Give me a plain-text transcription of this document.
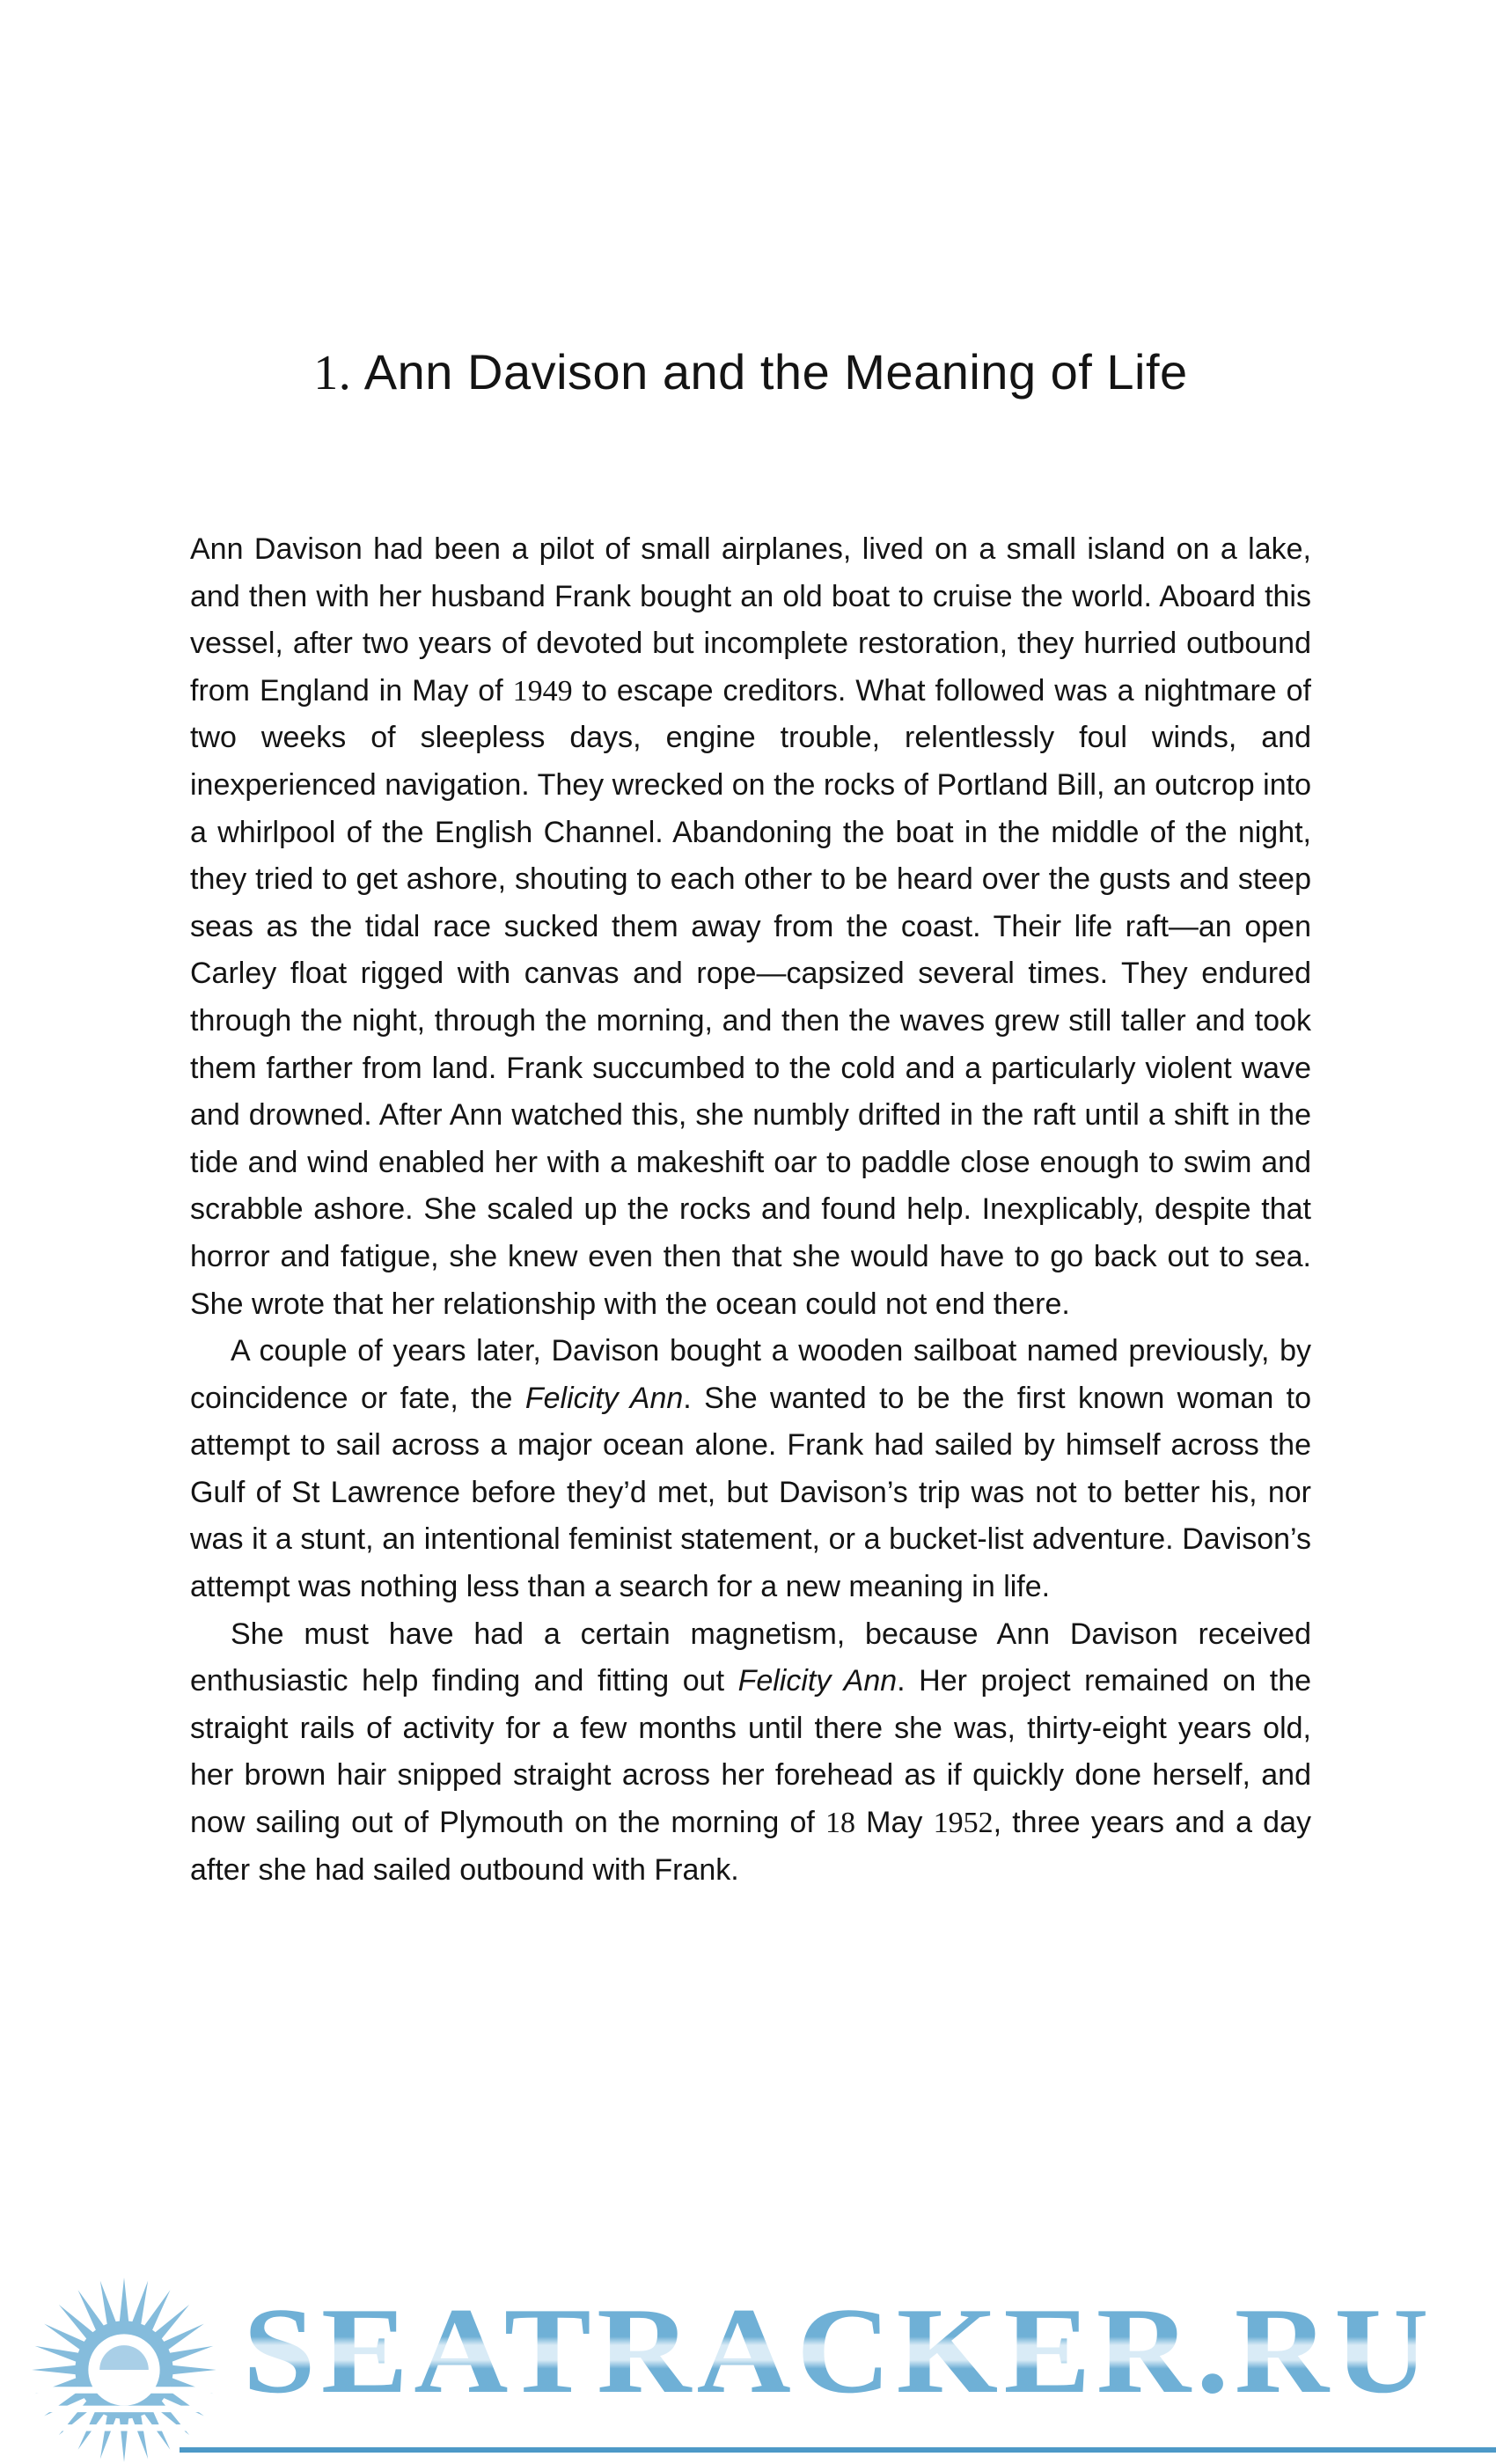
1. Ann Davison and the Meaning of Life

Ann Davison had been a pilot of small airplanes, lived on a small island on a lake, and then with her husband Frank bought an old boat to cruise the world. Aboard this vessel, after two years of devoted but incomplete restoration, they hurried outbound from England in May of 1949 to escape creditors. What followed was a nightmare of two weeks of sleepless days, engine trouble, relentlessly foul winds, and inexperienced navigation. They wrecked on the rocks of Portland Bill, an outcrop into a whirlpool of the English Channel. Abandoning the boat in the middle of the night, they tried to get ashore, shouting to each other to be heard over the gusts and steep seas as the tidal race sucked them away from the coast. Their life raft—an open Carley float rigged with canvas and rope—capsized several times. They endured through the night, through the morning, and then the waves grew still taller and took them farther from land. Frank succumbed to the cold and a particularly violent wave and drowned. After Ann watched this, she numbly drifted in the raft until a shift in the tide and wind enabled her with a makeshift oar to paddle close enough to swim and scrabble ashore. She scaled up the rocks and found help. Inexplicably, despite that horror and fatigue, she knew even then that she would have to go back out to sea. She wrote that her relationship with the ocean could not end there.

A couple of years later, Davison bought a wooden sailboat named previously, by coincidence or fate, the Felicity Ann. She wanted to be the first known woman to attempt to sail across a major ocean alone. Frank had sailed by himself across the Gulf of St Lawrence before they’d met, but Davison’s trip was not to better his, nor was it a stunt, an intentional feminist statement, or a bucket-list adventure. Davison’s attempt was nothing less than a search for a new meaning in life.

She must have had a certain magnetism, because Ann Davison received enthusiastic help finding and fitting out Felicity Ann. Her project remained on the straight rails of activity for a few months until there she was, thirty-eight years old, her brown hair snipped straight across her forehead as if quickly done herself, and now sailing out of Plymouth on the morning of 18 May 1952, three years and a day after she had sailed outbound with Frank.

SEATRACKER.RU
